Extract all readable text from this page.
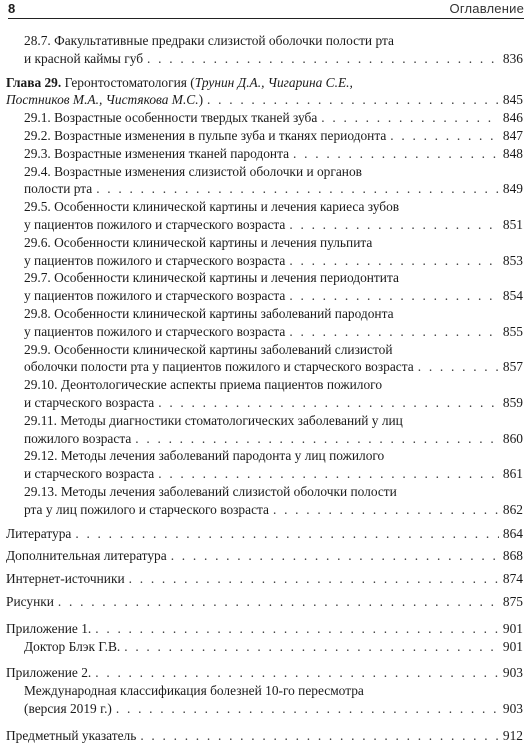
8	Оглавление
28.7. Факультативные предраки слизистой оболочки полости рта
и красной каймы губ . . .	836
Глава 29. Геронтостоматология (Трунин Д.А., Чигарина С.Е.,
Постников М.А., Чистякова М.С.) . . .	845
29.1. Возрастные особенности твердых тканей зуба . . .	846
29.2. Возрастные изменения в пульпе зуба и тканях периодонта . . .	847
29.3. Возрастные изменения тканей пародонта . . .	848
29.4. Возрастные изменения слизистой оболочки и органов
полости рта . . .	849
29.5. Особенности клинической картины и лечения кариеса зубов
у пациентов пожилого и старческого возраста . . .	851
29.6. Особенности клинической картины и лечения пульпита
у пациентов пожилого и старческого возраста . . .	853
29.7. Особенности клинической картины и лечения периодонтита
у пациентов пожилого и старческого возраста . . .	854
29.8. Особенности клинической картины заболеваний пародонта
у пациентов пожилого и старческого возраста . . .	855
29.9. Особенности клинической картины заболеваний слизистой
оболочки полости рта у пациентов пожилого и старческого возраста . . .	857
29.10. Деонтологические аспекты приема пациентов пожилого
и старческого возраста . . .	859
29.11. Методы диагностики стоматологических заболеваний у лиц
пожилого возраста . . .	860
29.12. Методы лечения заболеваний пародонта у лиц пожилого
и старческого возраста . . .	861
29.13. Методы лечения заболеваний слизистой оболочки полости
рта у лиц пожилого и старческого возраста . . .	862
Литература . . .	864
Дополнительная литература . . .	868
Интернет-источники . . .	874
Рисунки . . .	875
Приложение 1. . . .	901
Доктор Блэк Г.В. . . .	901
Приложение 2. . . .	903
Международная классификация болезней 10-го пересмотра
(версия 2019 г.) . . .	903
Предметный указатель . . .	912
